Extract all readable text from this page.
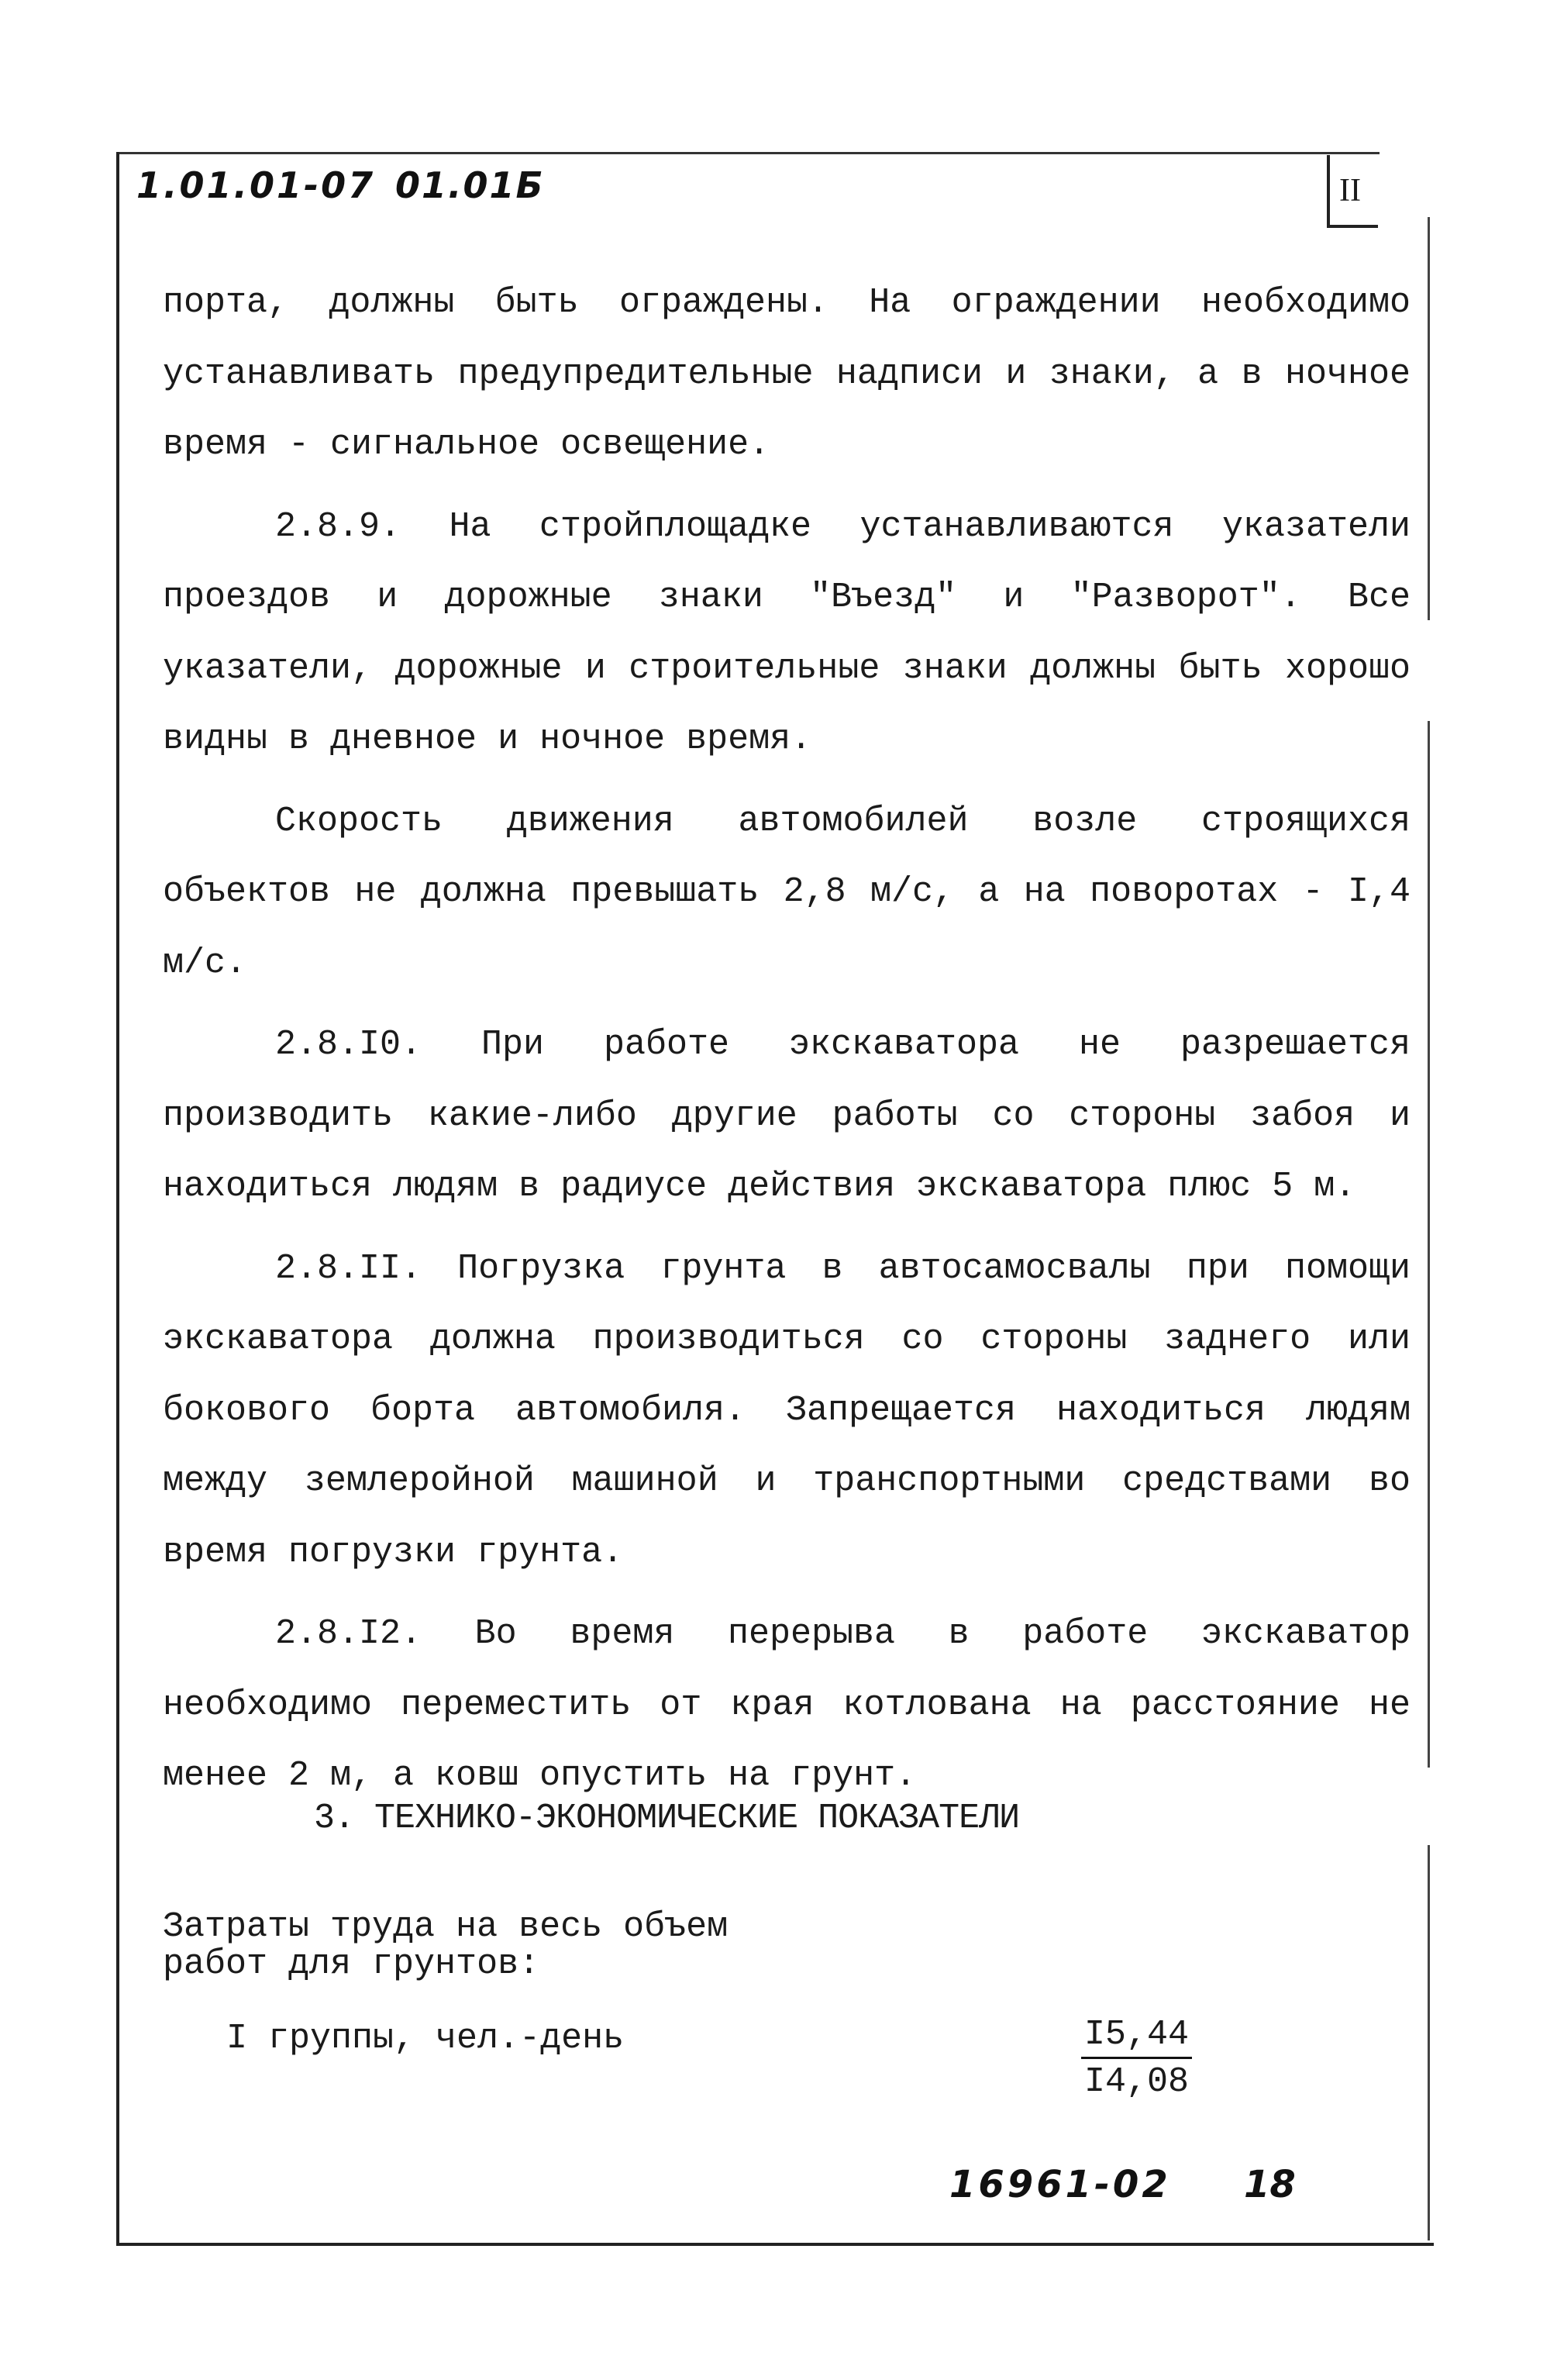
1.01.01-07 01.01Б	II

порта, должны быть ограждены. На ограждении необходимо устанавливать предупредительные надписи и знаки, а в ночное время - сигнальное освещение.

2.8.9. На стройплощадке устанавливаются указатели проездов и дорожные знаки "Въезд" и "Разворот". Все указатели, дорожные и строительные знаки должны быть хорошо видны в дневное и ночное время.

Скорость движения автомобилей возле строящихся объектов не должна превышать 2,8 м/с, а на поворотах - I,4 м/с.

2.8.I0. При работе экскаватора не разрешается производить какие-либо другие работы со стороны забоя и находиться людям в радиусе действия экскаватора плюс 5 м.

2.8.II. Погрузка грунта в автосамосвалы при помощи экскаватора должна производиться со стороны заднего или бокового борта автомобиля. Запрещается находиться людям между землеройной машиной и транспортными средствами во время погрузки грунта.

2.8.I2. Во время перерыва в работе экскаватор необходимо переместить от края котлована на расстояние не менее 2 м, а ковш опустить на грунт.

3. ТЕХНИКО-ЭКОНОМИЧЕСКИЕ ПОКАЗАТЕЛИ
Затраты труда на весь объем
работ для грунтов:
I группы, чел.-день	$\frac{I5,44}{I4,08}$
16961-02 18
